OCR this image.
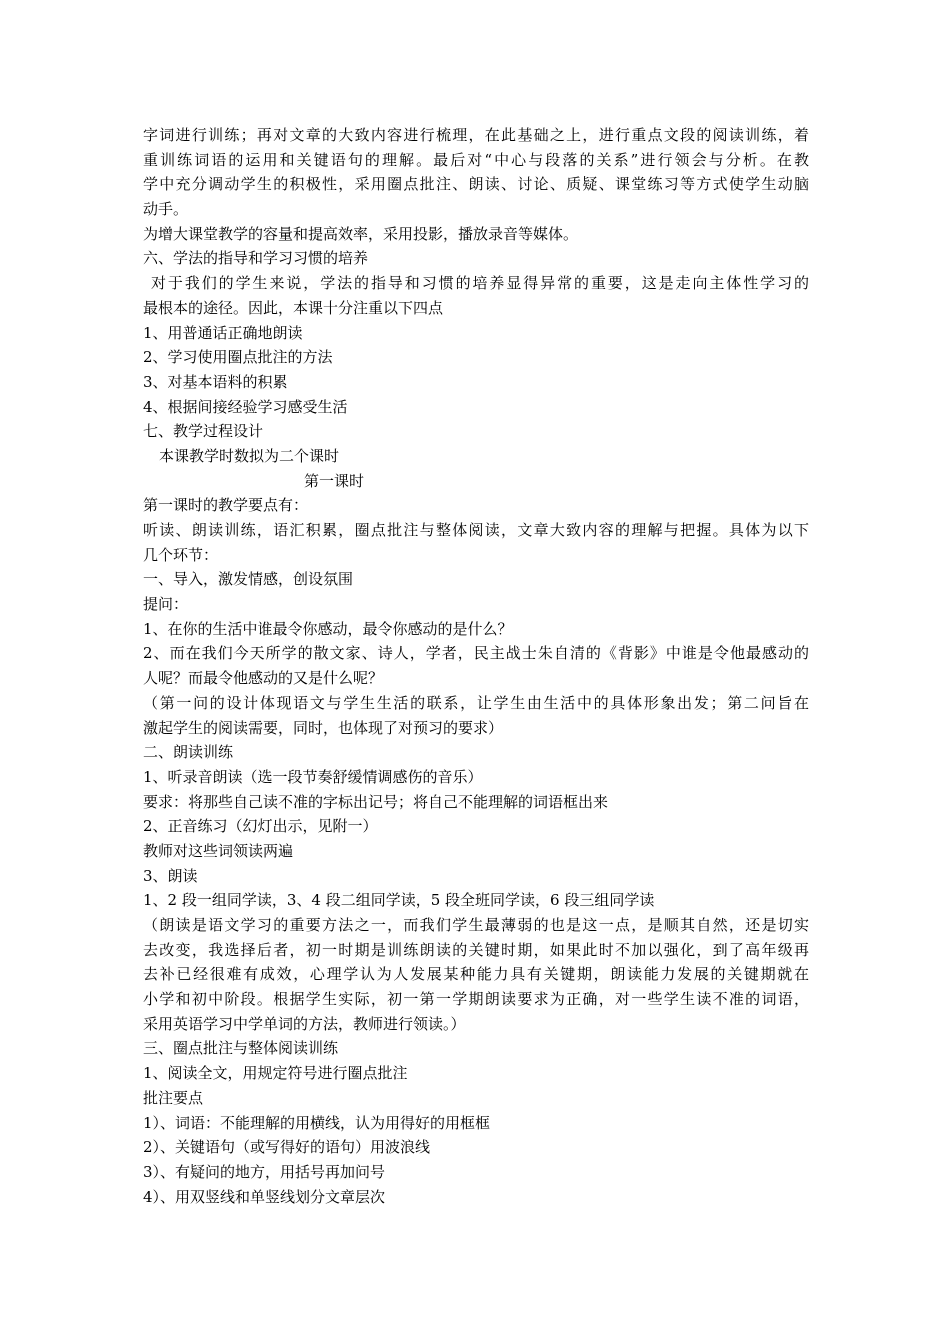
字词进行训练；再对文章的大致内容进行梳理，在此基础之上，进行重点文段的阅读训练，着
重训练词语的运用和关键语句的理解。最后对“中心与段落的关系”进行领会与分析。在教
学中充分调动学生的积极性，采用圈点批注、朗读、讨论、质疑、课堂练习等方式使学生动脑
动手。
为增大课堂教学的容量和提高效率，采用投影，播放录音等媒体。
六、学法的指导和学习习惯的培养
对于我们的学生来说，学法的指导和习惯的培养显得异常的重要，这是走向主体性学习的
最根本的途径。因此，本课十分注重以下四点
1、用普通话正确地朗读
2、学习使用圈点批注的方法
3、对基本语料的积累
4、根据间接经验学习感受生活
七、教学过程设计
本课教学时数拟为二个课时
第一课时
第一课时的教学要点有：
听读、朗读训练，语汇积累，圈点批注与整体阅读，文章大致内容的理解与把握。具体为以下
几个环节：
一、导入，激发情感，创设氛围
提问：
1、在你的生活中谁最令你感动，最令你感动的是什么？
2、而在我们今天所学的散文家、诗人，学者，民主战士朱自清的《背影》中谁是令他最感动的
人呢？而最令他感动的又是什么呢？
（第一问的设计体现语文与学生生活的联系，让学生由生活中的具体形象出发；第二问旨在
激起学生的阅读需要，同时，也体现了对预习的要求）
二、朗读训练
1、听录音朗读（选一段节奏舒缓情调感伤的音乐）
要求：将那些自己读不准的字标出记号；将自己不能理解的词语框出来
2、正音练习（幻灯出示，见附一）
教师对这些词领读两遍
3、朗读
1、2 段一组同学读，3、4 段二组同学读，5 段全班同学读，6 段三组同学读
（朗读是语文学习的重要方法之一，而我们学生最薄弱的也是这一点，是顺其自然，还是切实
去改变，我选择后者，初一时期是训练朗读的关键时期，如果此时不加以强化，到了高年级再
去补已经很难有成效，心理学认为人发展某种能力具有关键期，朗读能力发展的关键期就在
小学和初中阶段。根据学生实际，初一第一学期朗读要求为正确，对一些学生读不准的词语，
采用英语学习中学单词的方法，教师进行领读。）
三、圈点批注与整体阅读训练
1、阅读全文，用规定符号进行圈点批注
批注要点
1）、词语：不能理解的用横线，认为用得好的用框框
2）、关键语句（或写得好的语句）用波浪线
3）、有疑问的地方，用括号再加问号
4）、用双竖线和单竖线划分文章层次
